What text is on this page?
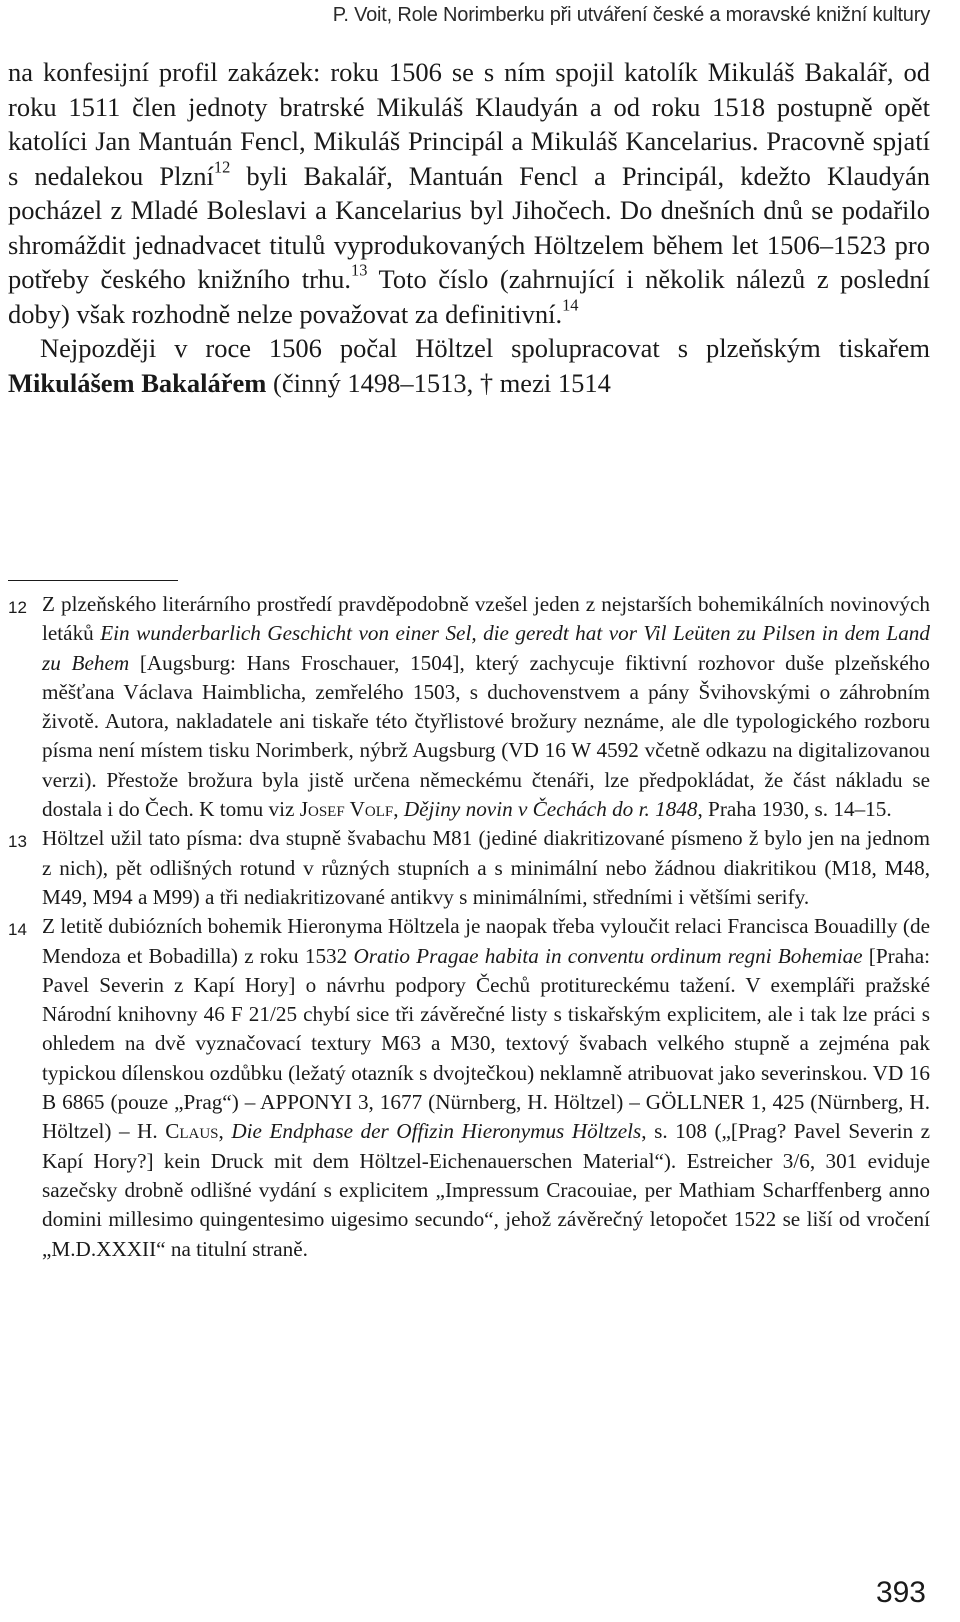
P. Voit, Role Norimberku při utváření české a moravské knižní kultury

na konfesijní profil zakázek: roku 1506 se s ním spojil katolík Mikuláš Bakalář, od roku 1511 člen jednoty bratrské Mikuláš Klaudyán a od roku 1518 postupně opět katolíci Jan Mantuán Fencl, Mikuláš Principál a Mikuláš Kancelarius. Pracovně spjatí s nedalekou Plzní$^{12}$ byli Bakalář, Mantuán Fencl a Principál, kdežto Klaudyán pocházel z Mladé Boleslavi a Kancelarius byl Jihočech. Do dnešních dnů se podařilo shromáždit jednadvacet titulů vyprodukovaných Höltzelem během let 1506–1523 pro potřeby českého knižního trhu.$^{13}$ Toto číslo (zahrnující i několik nálezů z poslední doby) však rozhodně nelze považovat za definitivní.$^{14}$

Nejpozději v roce 1506 počal Höltzel spolupracovat s plzeňským tiskařem Mikulášem Bakalářem (činný 1498–1513, † mezi 1514

12 Z plzeňského literárního prostředí pravděpodobně vzešel jeden z nejstarších bohemikálních novinových letáků Ein wunderbarlich Geschicht von einer Sel, die geredt hat vor Vil Leüten zu Pilsen in dem Land zu Behem [Augsburg: Hans Froschauer, 1504], který zachycuje fiktivní rozhovor duše plzeňského měšťana Václava Haimblicha, zemřelého 1503, s duchovenstvem a pány Švihovskými o záhrobním životě. Autora, nakladatele ani tiskaře této čtyřlistové brožury neznáme, ale dle typologického rozboru písma není místem tisku Norimberk, nýbrž Augsburg (VD 16 W 4592 včetně odkazu na digitalizovanou verzi). Přestože brožura byla jistě určena německému čtenáři, lze předpokládat, že část nákladu se dostala i do Čech. K tomu viz Josef Volf, Dějiny novin v Čechách do r. 1848, Praha 1930, s. 14–15.
13 Höltzel užil tato písma: dva stupně švabachu M81 (jediné diakritizované písmeno ž bylo jen na jednom z nich), pět odlišných rotund v různých stupních a s minimální nebo žádnou diakritikou (M18, M48, M49, M94 a M99) a tři nediakritizované antikvy s minimálními, středními i většími serify.
14 Z letitě dubiózních bohemik Hieronyma Höltzela je naopak třeba vyloučit relaci Francisca Bouadilly (de Mendoza et Bobadilla) z roku 1532 Oratio Pragae habita in conventu ordinum regni Bohemiae [Praha: Pavel Severin z Kapí Hory] o návrhu podpory Čechů protitureckému tažení. V exempláři pražské Národní knihovny 46 F 21/25 chybí sice tři závěrečné listy s tiskařským explicitem, ale i tak lze práci s ohledem na dvě vyznačovací textury M63 a M30, textový švabach velkého stupně a zejména pak typickou dílenskou ozdůbku (ležatý otazník s dvojtečkou) neklamně atribuovat jako severinskou. VD 16 B 6865 (pouze „Prag“) – APPONYI 3, 1677 (Nürnberg, H. Höltzel) – GÖLLNER 1, 425 (Nürnberg, H. Höltzel) – H. Claus, Die Endphase der Offizin Hieronymus Höltzels, s. 108 („[Prag? Pavel Severin z Kapí Hory?] kein Druck mit dem Höltzel-Eichenauerschen Material“). Estreicher 3/6, 301 eviduje sazečsky drobně odlišné vydání s explicitem „Impressum Cracouiae, per Mathiam Scharffenberg anno domini millesimo quingentesimo uigesimo secundo“, jehož závěrečný letopočet 1522 se liší od vročení „M.D.XXXII“ na titulní straně.
393
